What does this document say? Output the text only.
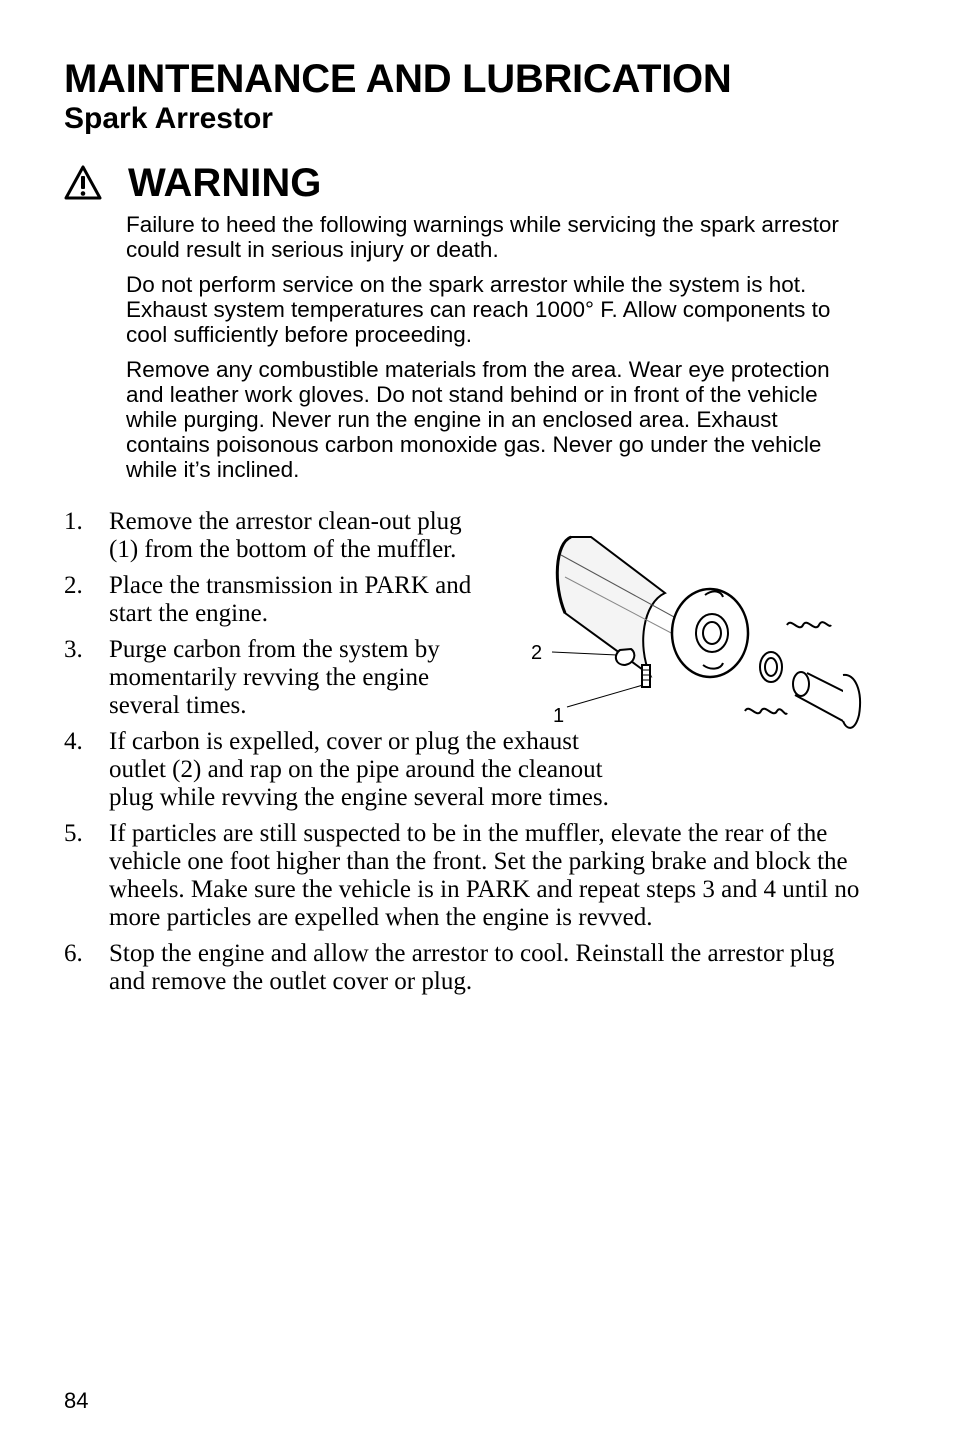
MAINTENANCE AND LUBRICATION
Spark Arrestor
WARNING

Failure to heed the following warnings while servicing the spark arrestor could result in serious injury or death.

Do not perform service on the spark arrestor while the system is hot. Exhaust system temperatures can reach 1000° F. Allow components to cool sufficiently before proceeding.

Remove any combustible materials from the area. Wear eye protection and leather work gloves. Do not stand behind or in front of the vehicle while purging. Never run the engine in an enclosed area. Exhaust contains poisonous carbon monoxide gas. Never go under the vehicle while it’s inclined.

1. Remove the arrestor clean-out plug (1) from the bottom of the muffler.
2. Place the transmission in PARK and start the engine.
3. Purge carbon from the system by momentarily revving the engine several times.
4. If carbon is expelled, cover or plug the exhaust outlet (2) and rap on the pipe around the cleanout plug while revving the engine several more times.
5. If particles are still suspected to be in the muffler, elevate the rear of the vehicle one foot higher than the front. Set the parking brake and block the wheels. Make sure the vehicle is in PARK and repeat steps 3 and 4 until no more particles are expelled when the engine is revved.
6. Stop the engine and allow the arrestor to cool. Reinstall the arrestor plug and remove the outlet cover or plug.
2
1
84
